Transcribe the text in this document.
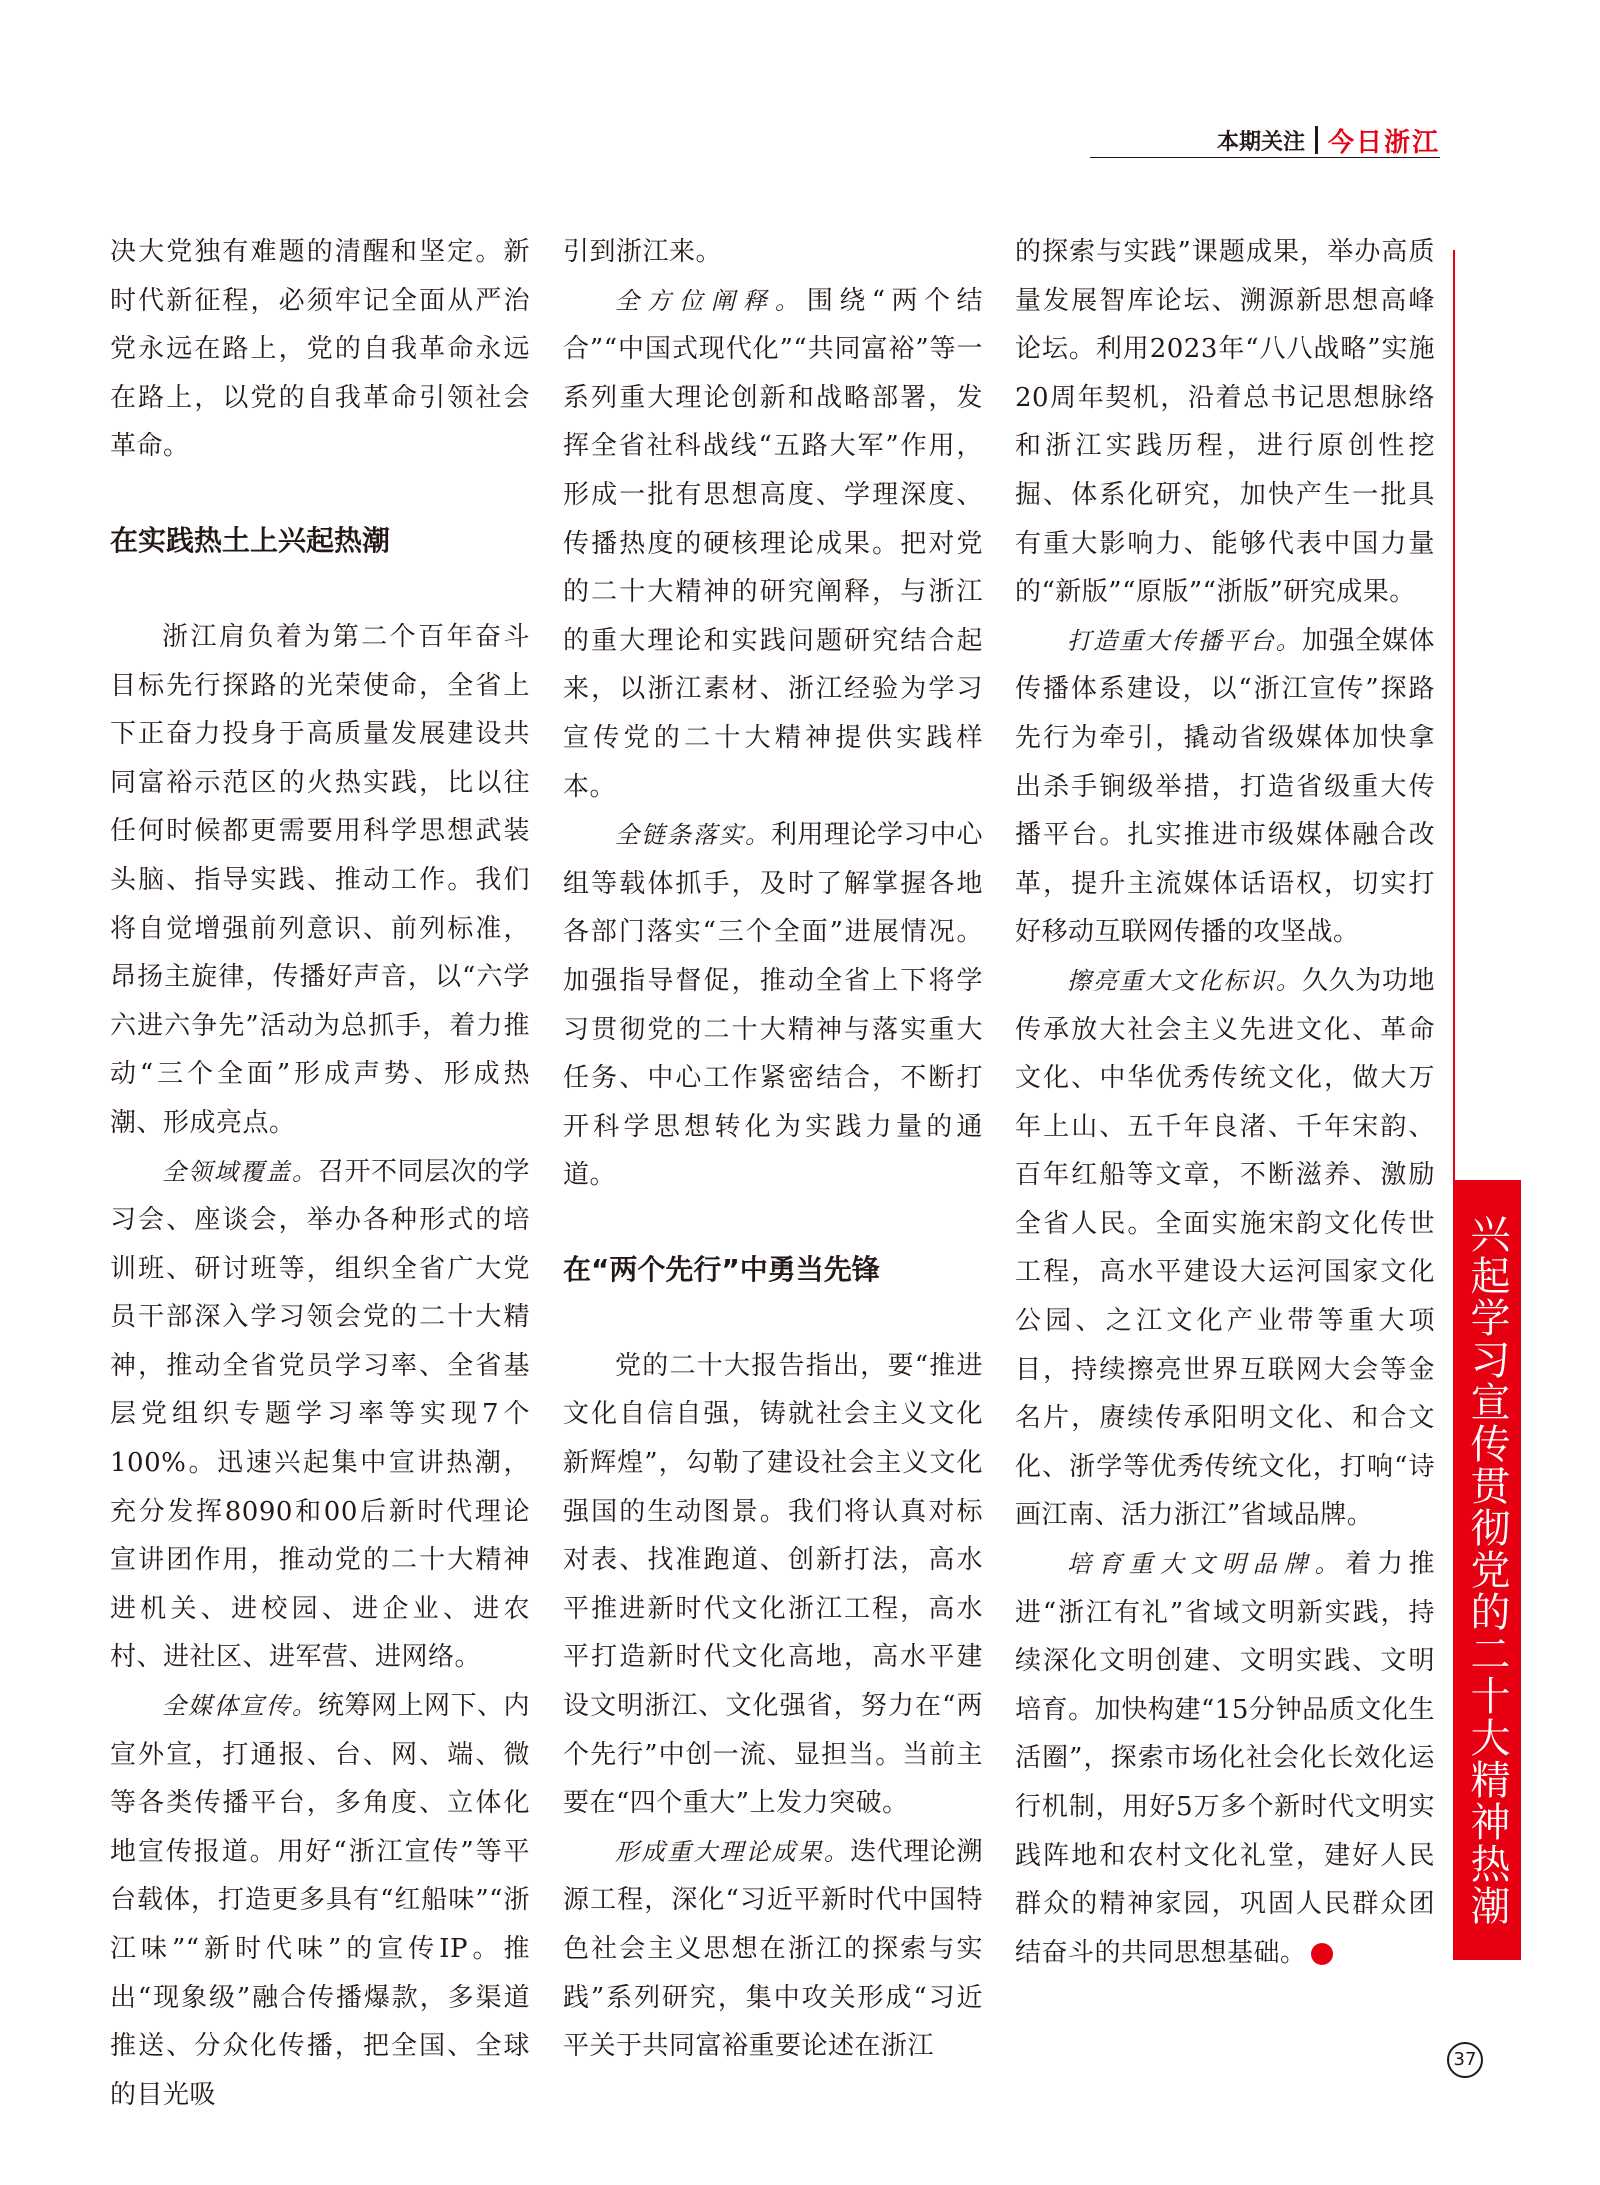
本期关注 今日浙江

决大党独有难题的清醒和坚定。新时代新征程，必须牢记全面从严治党永远在路上，党的自我革命永远在路上，以党的自我革命引领社会革命。

在实践热土上兴起热潮

浙江肩负着为第二个百年奋斗目标先行探路的光荣使命，全省上下正奋力投身于高质量发展建设共同富裕示范区的火热实践，比以往任何时候都更需要用科学思想武装头脑、指导实践、推动工作。我们将自觉增强前列意识、前列标准，昂扬主旋律，传播好声音，以“六学六进六争先”活动为总抓手，着力推动“三个全面”形成声势、形成热潮、形成亮点。

全领域覆盖。召开不同层次的学习会、座谈会，举办各种形式的培训班、研讨班等，组织全省广大党员干部深入学习领会党的二十大精神，推动全省党员学习率、全省基层党组织专题学习率等实现7个100%。迅速兴起集中宣讲热潮，充分发挥8090和00后新时代理论宣讲团作用，推动党的二十大精神进机关、进校园、进企业、进农村、进社区、进军营、进网络。

全媒体宣传。统筹网上网下、内宣外宣，打通报、台、网、端、微等各类传播平台，多角度、立体化地宣传报道。用好“浙江宣传”等平台载体，打造更多具有“红船味”“浙江味”“新时代味”的宣传IP。推出“现象级”融合传播爆款，多渠道推送、分众化传播，把全国、全球的目光吸

引到浙江来。

全方位阐释。围绕“两个结合”“中国式现代化”“共同富裕”等一系列重大理论创新和战略部署，发挥全省社科战线“五路大军”作用，形成一批有思想高度、学理深度、传播热度的硬核理论成果。把对党的二十大精神的研究阐释，与浙江的重大理论和实践问题研究结合起来，以浙江素材、浙江经验为学习宣传党的二十大精神提供实践样本。

全链条落实。利用理论学习中心组等载体抓手，及时了解掌握各地各部门落实“三个全面”进展情况。加强指导督促，推动全省上下将学习贯彻党的二十大精神与落实重大任务、中心工作紧密结合，不断打开科学思想转化为实践力量的通道。

在“两个先行”中勇当先锋

党的二十大报告指出，要“推进文化自信自强，铸就社会主义文化新辉煌”，勾勒了建设社会主义文化强国的生动图景。我们将认真对标对表、找准跑道、创新打法，高水平推进新时代文化浙江工程，高水平打造新时代文化高地，高水平建设文明浙江、文化强省，努力在“两个先行”中创一流、显担当。当前主要在“四个重大”上发力突破。

形成重大理论成果。迭代理论溯源工程，深化“习近平新时代中国特色社会主义思想在浙江的探索与实践”系列研究，集中攻关形成“习近平关于共同富裕重要论述在浙江

的探索与实践”课题成果，举办高质量发展智库论坛、溯源新思想高峰论坛。利用2023年“八八战略”实施20周年契机，沿着总书记思想脉络和浙江实践历程，进行原创性挖掘、体系化研究，加快产生一批具有重大影响力、能够代表中国力量的“新版”“原版”“浙版”研究成果。

打造重大传播平台。加强全媒体传播体系建设，以“浙江宣传”探路先行为牵引，撬动省级媒体加快拿出杀手锏级举措，打造省级重大传播平台。扎实推进市级媒体融合改革，提升主流媒体话语权，切实打好移动互联网传播的攻坚战。

擦亮重大文化标识。久久为功地传承放大社会主义先进文化、革命文化、中华优秀传统文化，做大万年上山、五千年良渚、千年宋韵、百年红船等文章，不断滋养、激励全省人民。全面实施宋韵文化传世工程，高水平建设大运河国家文化公园、之江文化产业带等重大项目，持续擦亮世界互联网大会等金名片，赓续传承阳明文化、和合文化、浙学等优秀传统文化，打响“诗画江南、活力浙江”省域品牌。

培育重大文明品牌。着力推进“浙江有礼”省域文明新实践，持续深化文明创建、文明实践、文明培育。加快构建“15分钟品质文化生活圈”，探索市场化社会化长效化运行机制，用好5万多个新时代文明实践阵地和农村文化礼堂，建好人民群众的精神家园，巩固人民群众团结奋斗的共同思想基础。	今

兴起学习宣传贯彻党的二十大精神热潮
37
